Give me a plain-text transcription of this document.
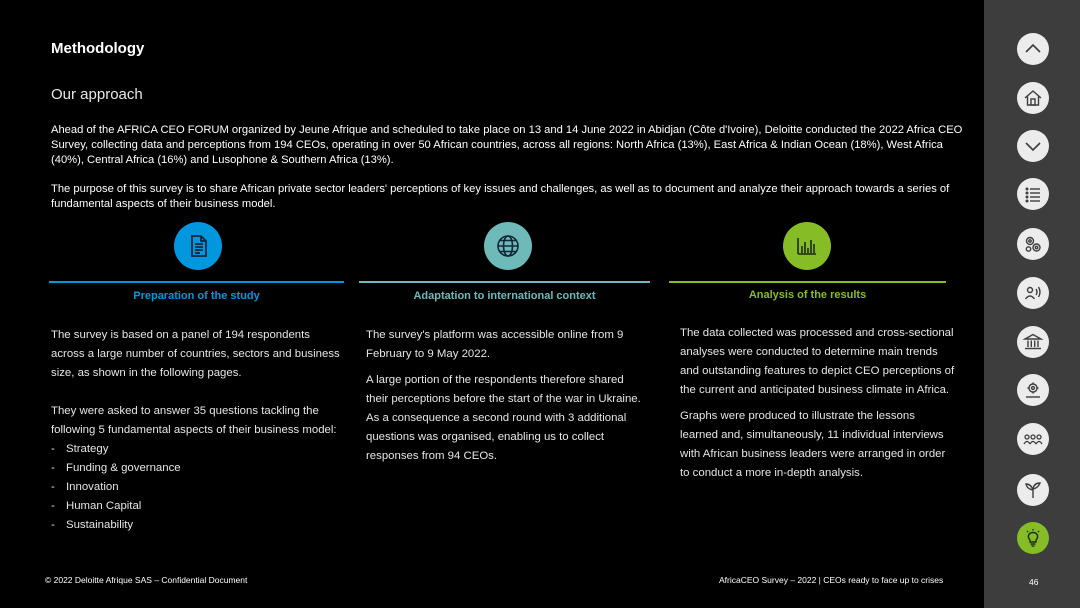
Methodology
Our approach
Ahead of the AFRICA CEO FORUM organized by Jeune Afrique and scheduled to take place on 13 and 14 June 2022 in Abidjan (Côte d'Ivoire), Deloitte conducted the 2022 Africa CEO Survey, collecting data and perceptions from 194 CEOs, operating in over 50 African countries, across all regions: North Africa (13%), East Africa & Indian Ocean (18%), West Africa (40%), Central Africa (16%) and Lusophone & Southern Africa (13%).
The purpose of this survey is to share African private sector leaders' perceptions of key issues and challenges, as well as to document and analyze their approach towards a series of fundamental aspects of their business model.
Preparation of the study

The survey is based on a panel of 194 respondents across a large number of countries, sectors and business size, as shown in the following pages.

They were asked to answer 35 questions tackling the following 5 fundamental aspects of their business model:

- Strategy
- Funding & governance
- Innovation
- Human Capital
- Sustainability
Adaptation to international context

The survey's platform was accessible online from 9 February to 9 May 2022.

A large portion of the respondents therefore shared their perceptions before the start of the war in Ukraine. As a consequence a second round with 3 additional questions was organised, enabling us to collect responses from 94 CEOs.

Analysis of the results

The data collected was processed and cross-sectional analyses were conducted to determine main trends and outstanding features to depict CEO perceptions of the current and anticipated business climate in Africa.

Graphs were produced to illustrate the lessons learned and, simultaneously, 11 individual interviews with African business leaders were arranged in order to conduct a more in-depth analysis.

© 2022 Deloitte Afrique SAS – Confidential Document	AfricaCEO Survey – 2022 | CEOs ready to face up to crises	46
